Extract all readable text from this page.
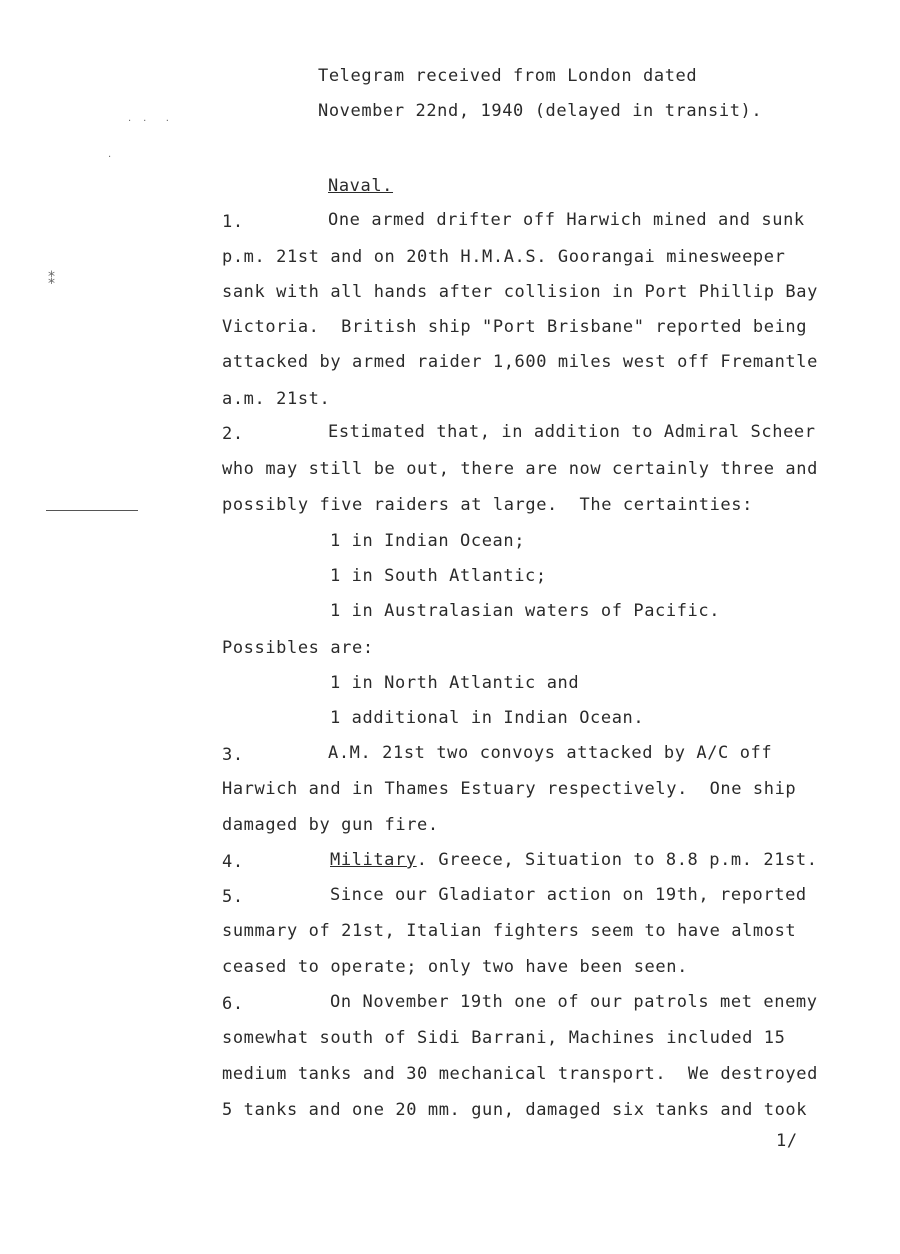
·   ·     ·
·
⁑
Telegram received from London dated
November 22nd, 1940 (delayed in transit).
Naval.
1.	One armed drifter off Harwich mined and sunk
p.m. 21st and on 20th H.M.A.S. Goorangai minesweeper
sank with all hands after collision in Port Phillip Bay
Victoria.  British ship "Port Brisbane" reported being
attacked by armed raider 1,600 miles west off Fremantle
a.m. 21st.
2.	Estimated that, in addition to Admiral Scheer
who may still be out, there are now certainly three and
possibly five raiders at large.  The certainties:
1 in Indian Ocean;
1 in South Atlantic;
1 in Australasian waters of Pacific.
Possibles are:
1 in North Atlantic and
1 additional in Indian Ocean.
3.	A.M. 21st two convoys attacked by A/C off
Harwich and in Thames Estuary respectively.  One ship
damaged by gun fire.
4.	Military. Greece, Situation to 8.8 p.m. 21st.
5.	Since our Gladiator action on 19th, reported
summary of 21st, Italian fighters seem to have almost
ceased to operate; only two have been seen.
6.	On November 19th one of our patrols met enemy
somewhat south of Sidi Barrani, Machines included 15
medium tanks and 30 mechanical transport.  We destroyed
5 tanks and one 20 mm. gun, damaged six tanks and took
1/
